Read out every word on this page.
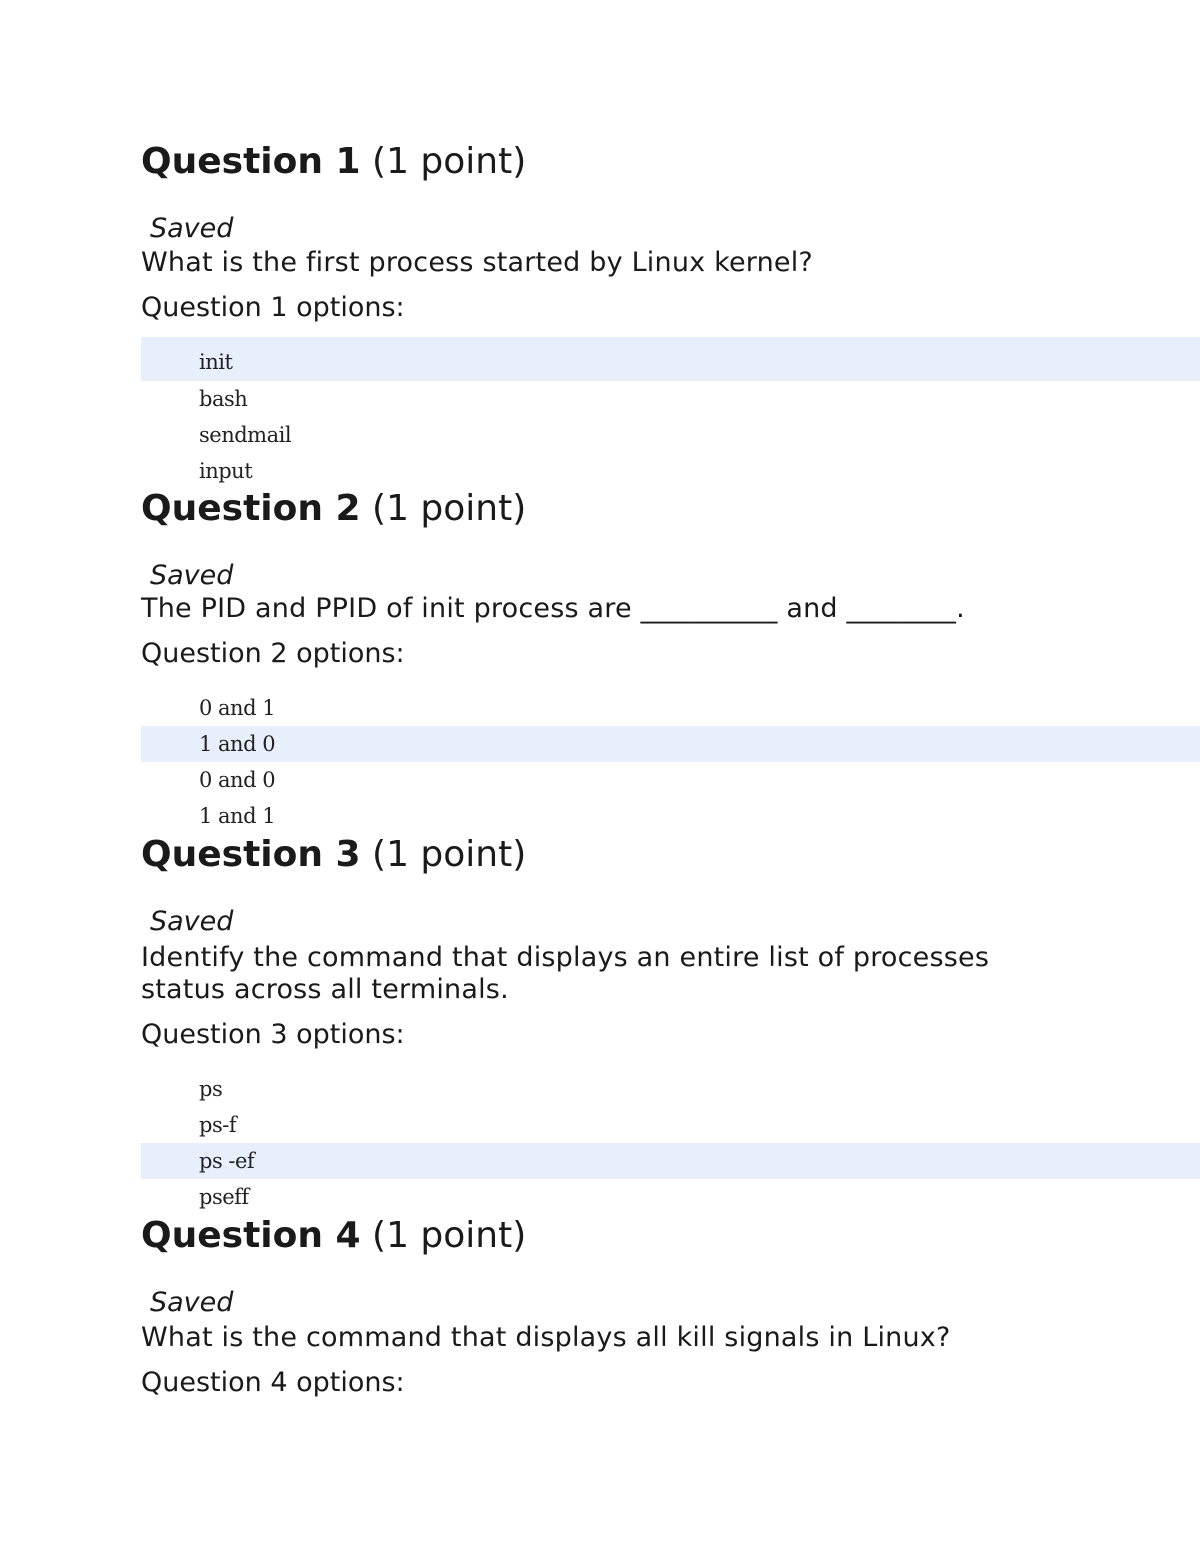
Question 1 (1 point)
Saved
What is the first process started by Linux kernel?
Question 1 options:
init
bash
sendmail
input
Question 2 (1 point)
Saved
The PID and PPID of init process are __________ and ________.
Question 2 options:
0 and 1
1 and 0
0 and 0
1 and 1
Question 3 (1 point)
Saved
Identify the command that displays an entire list of processes status across all terminals.
Question 3 options:
ps
ps-f
ps -ef
pseff
Question 4 (1 point)
Saved
What is the command that displays all kill signals in Linux?
Question 4 options:
